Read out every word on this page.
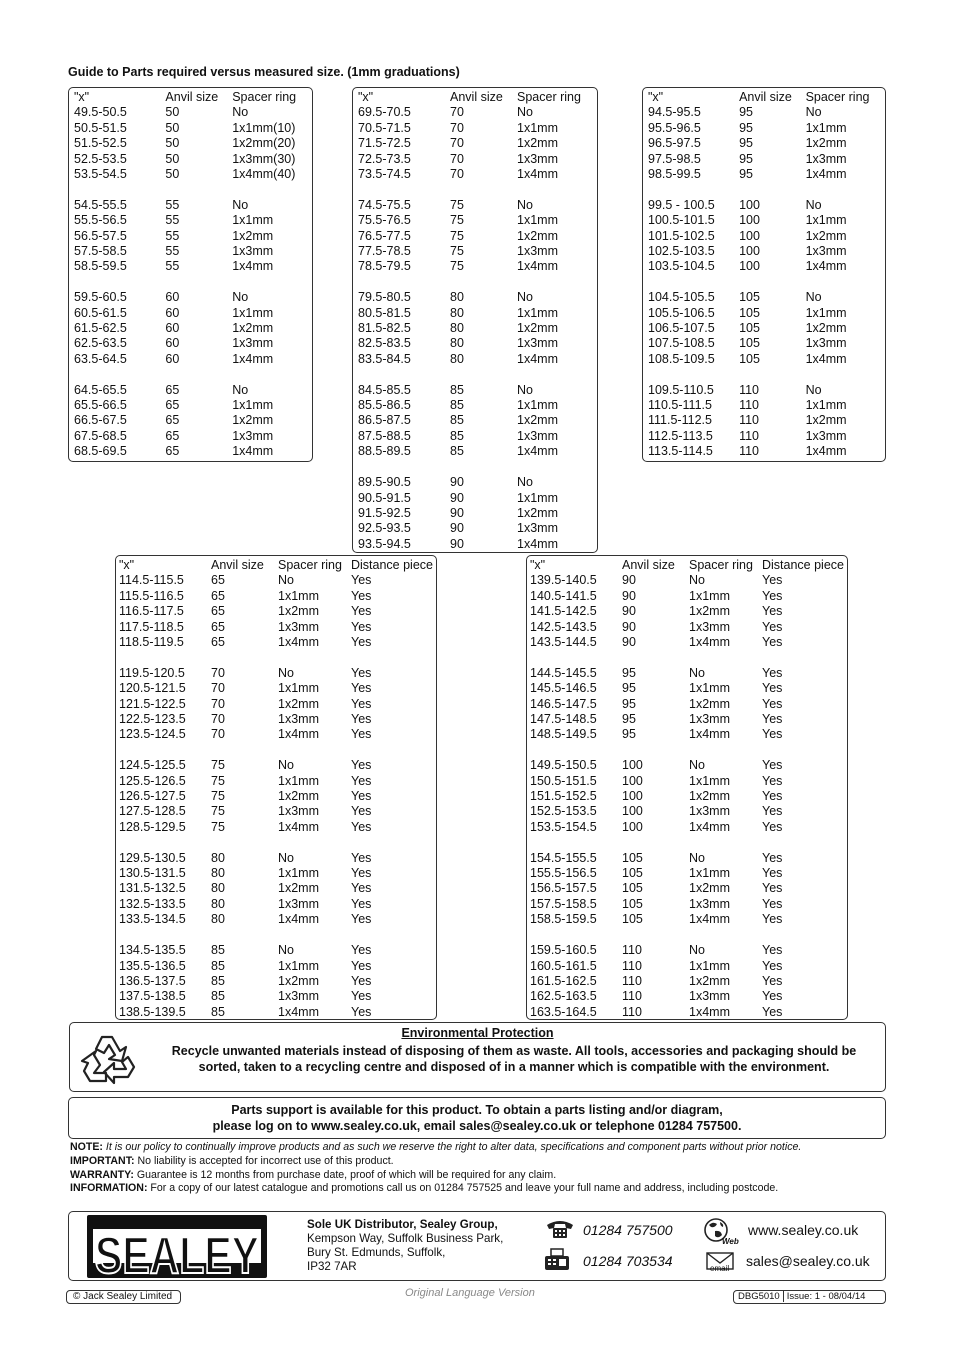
Guide to Parts required versus measured size. (1mm graduations)
"x"	Anvil size	Spacer ring
49.5-50.5	50	No
50.5-51.5	50	1x1mm(10)
51.5-52.5	50	1x2mm(20)
52.5-53.5	50	1x3mm(30)
53.5-54.5	50	1x4mm(40)

54.5-55.5	55	No
55.5-56.5	55	1x1mm
56.5-57.5	55	1x2mm
57.5-58.5	55	1x3mm
58.5-59.5	55	1x4mm

59.5-60.5	60	No
60.5-61.5	60	1x1mm
61.5-62.5	60	1x2mm
62.5-63.5	60	1x3mm
63.5-64.5	60	1x4mm

64.5-65.5	65	No
65.5-66.5	65	1x1mm
66.5-67.5	65	1x2mm
67.5-68.5	65	1x3mm
68.5-69.5	65	1x4mm
"x"	Anvil size	Spacer ring
69.5-70.5	70	No
70.5-71.5	70	1x1mm
71.5-72.5	70	1x2mm
72.5-73.5	70	1x3mm
73.5-74.5	70	1x4mm

74.5-75.5	75	No
75.5-76.5	75	1x1mm
76.5-77.5	75	1x2mm
77.5-78.5	75	1x3mm
78.5-79.5	75	1x4mm

79.5-80.5	80	No
80.5-81.5	80	1x1mm
81.5-82.5	80	1x2mm
82.5-83.5	80	1x3mm
83.5-84.5	80	1x4mm

84.5-85.5	85	No
85.5-86.5	85	1x1mm
86.5-87.5	85	1x2mm
87.5-88.5	85	1x3mm
88.5-89.5	85	1x4mm

89.5-90.5	90	No
90.5-91.5	90	1x1mm
91.5-92.5	90	1x2mm
92.5-93.5	90	1x3mm
93.5-94.5	90	1x4mm
"x"	Anvil size	Spacer ring
94.5-95.5	95	No
95.5-96.5	95	1x1mm
96.5-97.5	95	1x2mm
97.5-98.5	95	1x3mm
98.5-99.5	95	1x4mm

99.5 - 100.5	100	No
100.5-101.5	100	1x1mm
101.5-102.5	100	1x2mm
102.5-103.5	100	1x3mm
103.5-104.5	100	1x4mm

104.5-105.5	105	No
105.5-106.5	105	1x1mm
106.5-107.5	105	1x2mm
107.5-108.5	105	1x3mm
108.5-109.5	105	1x4mm

109.5-110.5	110	No
110.5-111.5	110	1x1mm
111.5-112.5	110	1x2mm
112.5-113.5	110	1x3mm
113.5-114.5	110	1x4mm
"x"	Anvil size	Spacer ring	Distance piece
114.5-115.5	65	No	Yes
115.5-116.5	65	1x1mm	Yes
116.5-117.5	65	1x2mm	Yes
117.5-118.5	65	1x3mm	Yes
118.5-119.5	65	1x4mm	Yes

119.5-120.5	70	No	Yes
120.5-121.5	70	1x1mm	Yes
121.5-122.5	70	1x2mm	Yes
122.5-123.5	70	1x3mm	Yes
123.5-124.5	70	1x4mm	Yes

124.5-125.5	75	No	Yes
125.5-126.5	75	1x1mm	Yes
126.5-127.5	75	1x2mm	Yes
127.5-128.5	75	1x3mm	Yes
128.5-129.5	75	1x4mm	Yes

129.5-130.5	80	No	Yes
130.5-131.5	80	1x1mm	Yes
131.5-132.5	80	1x2mm	Yes
132.5-133.5	80	1x3mm	Yes
133.5-134.5	80	1x4mm	Yes

134.5-135.5	85	No	Yes
135.5-136.5	85	1x1mm	Yes
136.5-137.5	85	1x2mm	Yes
137.5-138.5	85	1x3mm	Yes
138.5-139.5	85	1x4mm	Yes
"x"	Anvil size	Spacer ring	Distance piece
139.5-140.5	90	No	Yes
140.5-141.5	90	1x1mm	Yes
141.5-142.5	90	1x2mm	Yes
142.5-143.5	90	1x3mm	Yes
143.5-144.5	90	1x4mm	Yes

144.5-145.5	95	No	Yes
145.5-146.5	95	1x1mm	Yes
146.5-147.5	95	1x2mm	Yes
147.5-148.5	95	1x3mm	Yes
148.5-149.5	95	1x4mm	Yes

149.5-150.5	100	No	Yes
150.5-151.5	100	1x1mm	Yes
151.5-152.5	100	1x2mm	Yes
152.5-153.5	100	1x3mm	Yes
153.5-154.5	100	1x4mm	Yes

154.5-155.5	105	No	Yes
155.5-156.5	105	1x1mm	Yes
156.5-157.5	105	1x2mm	Yes
157.5-158.5	105	1x3mm	Yes
158.5-159.5	105	1x4mm	Yes

159.5-160.5	110	No	Yes
160.5-161.5	110	1x1mm	Yes
161.5-162.5	110	1x2mm	Yes
162.5-163.5	110	1x3mm	Yes
163.5-164.5	110	1x4mm	Yes
Environmental Protection
Recycle unwanted materials instead of disposing of them as waste. All tools, accessories and packaging should be sorted, taken to a recycling centre and disposed of in a manner which is compatible with the environment.
Parts support is available for this product. To obtain a parts listing and/or diagram,
please log on to www.sealey.co.uk, email sales@sealey.co.uk or telephone 01284 757500.
NOTE: It is our policy to continually improve products and as such we reserve the right to alter data, specifications and component parts without prior notice.
IMPORTANT: No liability is accepted for incorrect use of this product.
WARRANTY: Guarantee is 12 months from purchase date, proof of which will be required for any claim.
INFORMATION: For a copy of our latest catalogue and promotions call us on 01284 757525 and leave your full name and address, including postcode.
SEALEY
Sole UK Distributor, Sealey Group,
Kempson Way, Suffolk Business Park,
Bury St. Edmunds, Suffolk,
IP32 7AR
01284 757500
01284 703534
Web
www.sealey.co.uk
email sales@sealey.co.uk
© Jack Sealey Limited	Original Language Version	DBG5010 Issue: 1 - 08/04/14
